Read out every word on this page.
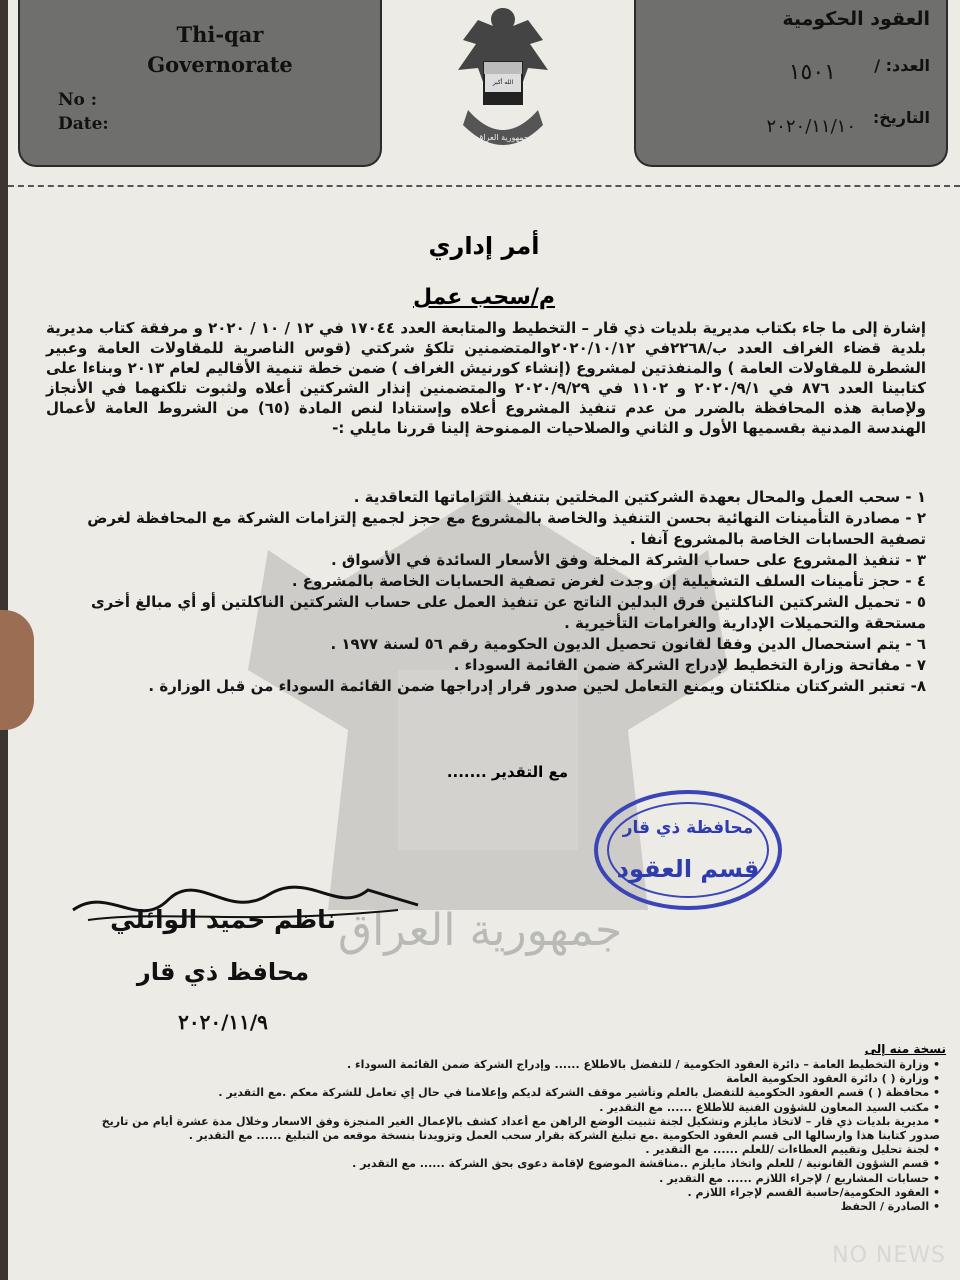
Thi-qar
Governorate
No :
Date:
الله أكبر
جمهورية العراق
العقود الحكومية
العدد: /
التاريخ:
١٥٠١
٢٠٢٠/١١/١٠
أمر إداري
م/سحب عمل

إشارة إلى ما جاء بكتاب مديرية بلديات ذي قار – التخطيط والمتابعة العدد ١٧٠٤٤ في ١٢ / ١٠ / ٢٠٢٠ و مرفقة كتاب مديرية بلدية قضاء الغراف العدد ب/٢٢٦٨في ٢٠٢٠/١٠/١٢والمتضمنين تلكؤ شركتي (قوس الناصرية للمقاولات العامة وعبير الشطرة للمقاولات العامة ) والمنفذتين لمشروع (إنشاء كورنيش الغراف ) ضمن خطة تنمية الأقاليم لعام ٢٠١٣ وبناءا على كتابينا العدد ٨٧٦ في ٢٠٢٠/٩/١ و ١١٠٢ في ٢٠٢٠/٩/٢٩ والمتضمنين إنذار الشركتين أعلاه ولثبوت تلكنهما في الأنجاز ولإصابة هذه المحافظة بالضرر من عدم تنفيذ المشروع أعلاه وإستنادا لنص المادة (٦٥) من الشروط العامة لأعمال الهندسة المدنية بقسميها الأول و الثاني والصلاحيات الممنوحة إلينا قررنا مايلي :-

١ - سحب العمل والمحال بعهدة الشركتين المخلتين بتنفيذ التزاماتها التعاقدية .
٢ - مصادرة التأمينات النهائية بحسن التنفيذ والخاصة بالمشروع مع حجز لجميع إلتزامات الشركة مع المحافظة لغرض تصفية الحسابات الخاصة بالمشروع آنفا .
٣ - تنفيذ المشروع على حساب الشركة المخلة وفق الأسعار السائدة في الأسواق .
٤ - حجز تأمينات السلف التشغيلية إن وجدت لغرض تصفية الحسابات الخاصة بالمشروع .
٥ - تحميل الشركتين الناكلتين فرق البدلين الناتج عن تنفيذ العمل على حساب الشركتين الناكلتين أو أي مبالغ أخرى مستحقة والتحميلات الإدارية والغرامات التأخيرية .
٦ - يتم استحصال الدين وفقا لقانون تحصيل الديون الحكومية رقم ٥٦ لسنة ١٩٧٧ .
٧ - مفاتحة وزارة التخطيط لإدراج الشركة ضمن القائمة السوداء .
٨- تعتبر الشركتان متلكئتان ويمنع التعامل لحين صدور قرار إدراجها ضمن القائمة السوداء من قبل الوزارة .
مع التقدير .......
محافظة ذي قار
قسم العقود
جمهورية العراق
ناظم حميد الوائلي
محافظ ذي قار
٢٠٢٠/١١/٩
نسخة منه إلى
• وزارة التخطيط العامة – دائرة العقود الحكومية / للتفضل بالاطلاع ...... وإدراج الشركة ضمن القائمة السوداء .
• وزارة ( ) دائرة العقود الحكومية العامة
• محافظة ( ) قسم العقود الحكومية للتفضل بالعلم وتأشير موقف الشركة لديكم وإعلامنا في حال إي تعامل للشركة معكم .مع التقدير .
• مكتب السيد المعاون للشؤون الفنية للأطلاع ...... مع التقدير .
• مديرية بلديات ذي قار – لاتخاذ مايلزم وتشكيل لجنة تثبيت الوضع الراهن مع أعداد كشف بالإعمال الغير المنجزة وفق الاسعار وخلال مدة عشرة أيام من تاريخ صدور كتابنا هذا وارسالها الى قسم العقود الحكومية .مع تبليغ الشركة بقرار سحب العمل وتزويدنا بنسخة موقعه من التبليغ ...... مع التقدير .
• لجنة تحليل وتقييم العطاءات /للعلم ...... مع التقدير .
• قسم الشؤون القانونية / للعلم واتخاذ مايلزم ..مناقشة الموضوع لإقامة دعوى بحق الشركة ...... مع التقدير .
• حسابات المشاريع / لإجراء اللازم ...... مع التقدير .
• العقود الحكومية/حاسبة القسم لإجراء اللازم .
• الصادرة / الحفظ
NO NEWS
